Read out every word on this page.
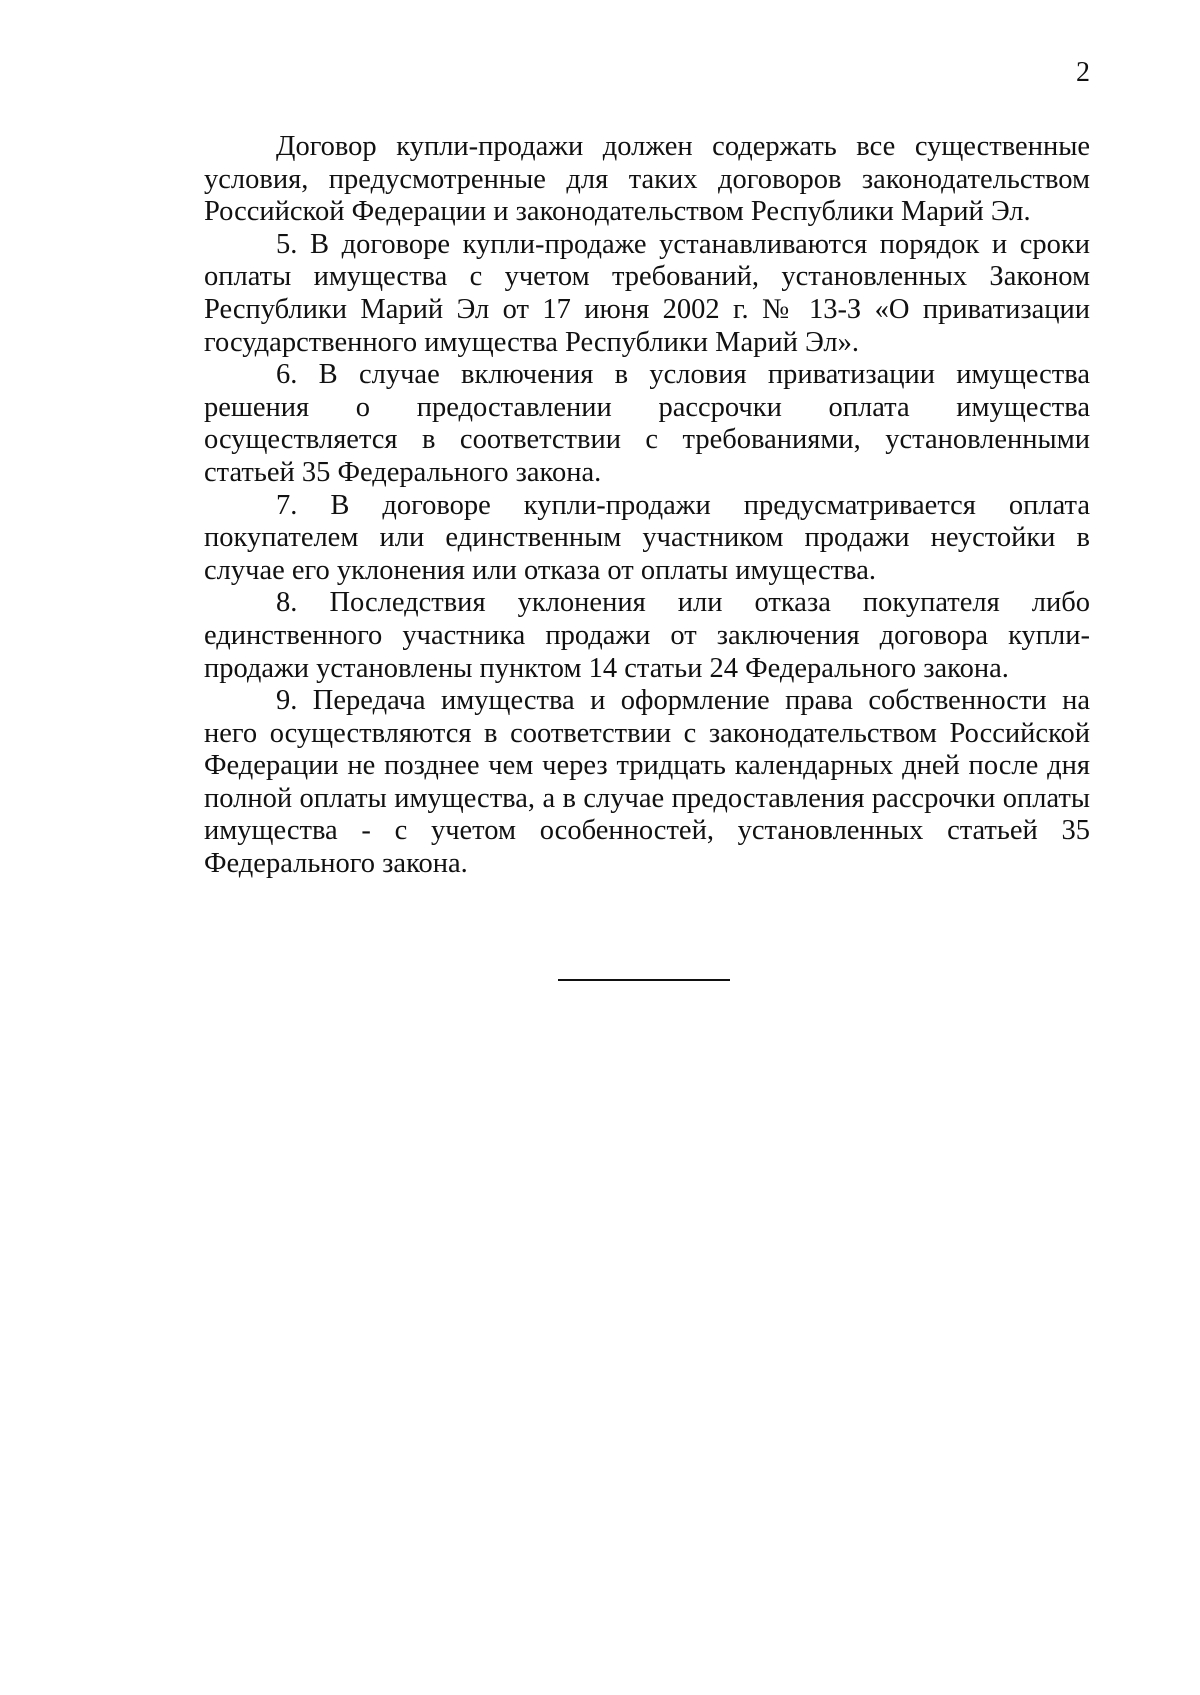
2

Договор купли-продажи должен содержать все существенные условия, предусмотренные для таких договоров законодательством Российской Федерации и законодательством Республики Марий Эл.

5. В договоре купли-продаже устанавливаются порядок и сроки оплаты имущества с учетом требований, установленных Законом Республики Марий Эл от 17 июня 2002 г. № 13-З «О приватизации государственного имущества Республики Марий Эл».

6. В случае включения в условия приватизации имущества решения о предоставлении рассрочки оплата имущества осуществляется в соответствии с требованиями, установленными статьей 35 Федерального закона.

7. В договоре купли-продажи предусматривается оплата покупателем или единственным участником продажи неустойки в случае его уклонения или отказа от оплаты имущества.

8. Последствия уклонения или отказа покупателя либо единственного участника продажи от заключения договора купли-продажи установлены пунктом 14 статьи 24 Федерального закона.

9. Передача имущества и оформление права собственности на него осуществляются в соответствии с законодательством Российской Федерации не позднее чем через тридцать календарных дней после дня полной оплаты имущества, а в случае предоставления рассрочки оплаты имущества - с учетом особенностей, установленных статьей 35 Федерального закона.
